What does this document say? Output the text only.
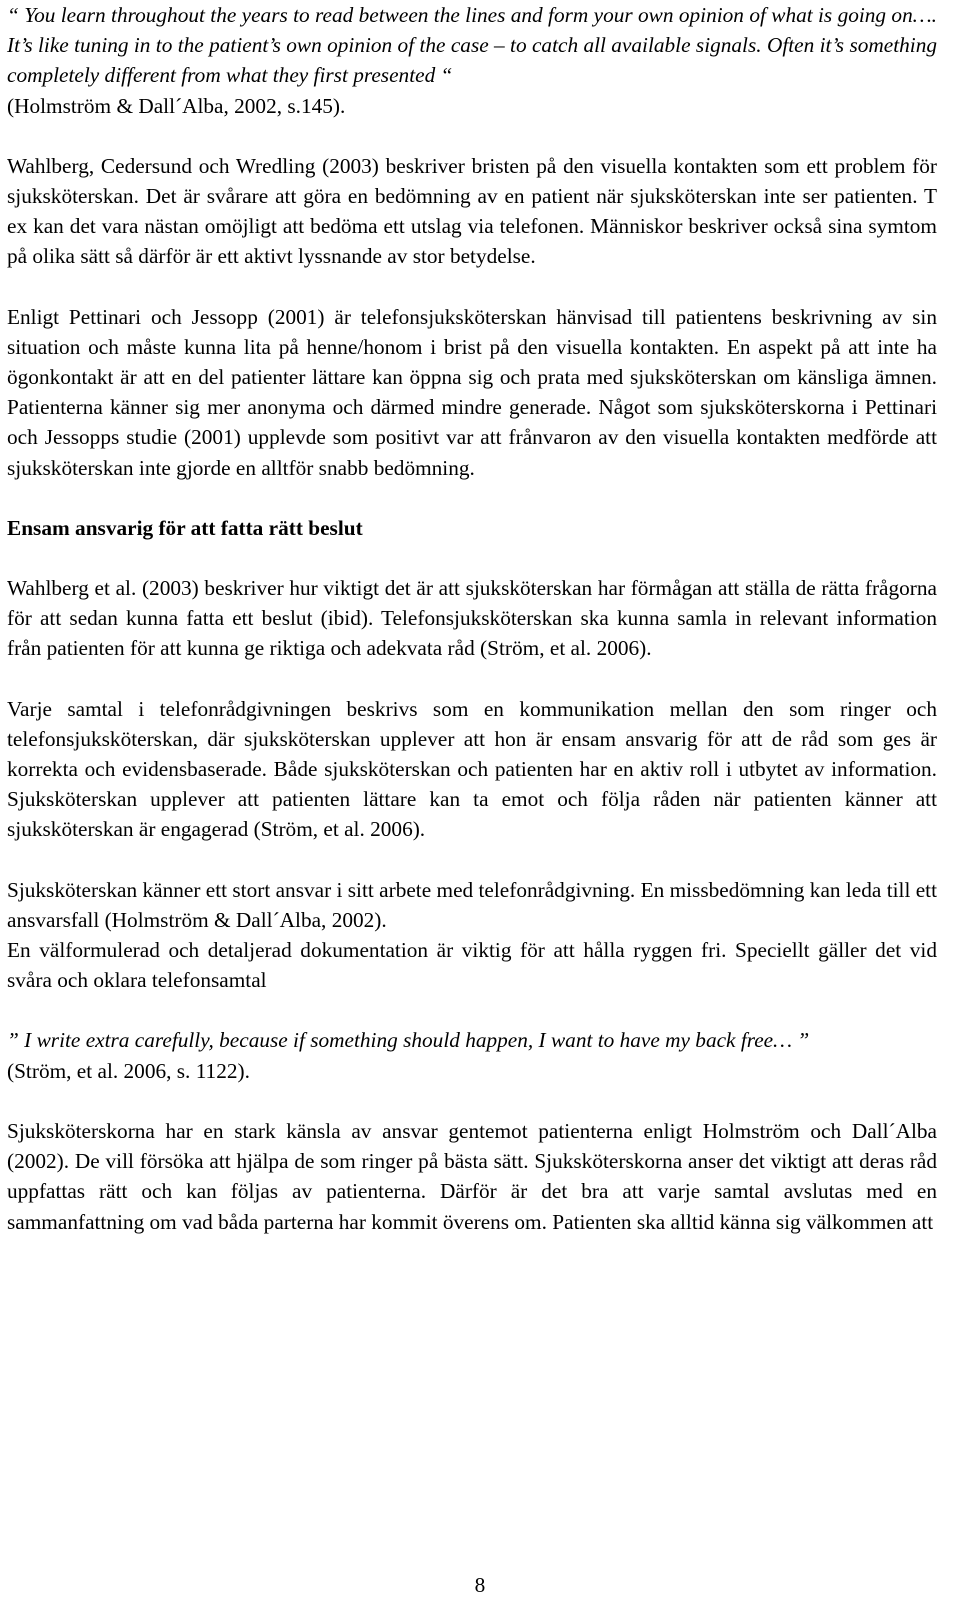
“ You learn throughout the years to read between the lines and form your own opinion of what is going on…. It’s like tuning in to the patient’s own opinion of the case – to catch all available signals. Often it’s something completely different from what they first presented “

(Holmström & Dall´Alba, 2002, s.145).

Wahlberg, Cedersund och Wredling (2003) beskriver bristen på den visuella kontakten som ett problem för sjuksköterskan. Det är svårare att göra en bedömning av en patient när sjuksköterskan inte ser patienten. T ex kan det vara nästan omöjligt att bedöma ett utslag via telefonen. Människor beskriver också sina symtom på olika sätt så därför är ett aktivt lyssnande av stor betydelse.

Enligt Pettinari och Jessopp (2001) är telefonsjuksköterskan hänvisad till patientens beskrivning av sin situation och måste kunna lita på henne/honom i brist på den visuella kontakten. En aspekt på att inte ha ögonkontakt är att en del patienter lättare kan öppna sig och prata med sjuksköterskan om känsliga ämnen. Patienterna känner sig mer anonyma och därmed mindre generade. Något som sjuksköterskorna i Pettinari och Jessopps studie (2001) upplevde som positivt var att frånvaron av den visuella kontakten medförde att sjuksköterskan inte gjorde en alltför snabb bedömning.

Ensam ansvarig för att fatta rätt beslut

Wahlberg et al. (2003) beskriver hur viktigt det är att sjuksköterskan har förmågan att ställa de rätta frågorna för att sedan kunna fatta ett beslut (ibid). Telefonsjuksköterskan ska kunna samla in relevant information från patienten för att kunna ge riktiga och adekvata råd (Ström, et al. 2006).

Varje samtal i telefonrådgivningen beskrivs som en kommunikation mellan den som ringer och telefonsjuksköterskan, där sjuksköterskan upplever att hon är ensam ansvarig för att de råd som ges är korrekta och evidensbaserade. Både sjuksköterskan och patienten har en aktiv roll i utbytet av information. Sjuksköterskan upplever att patienten lättare kan ta emot och följa råden när patienten känner att sjuksköterskan är engagerad (Ström, et al. 2006).

Sjuksköterskan känner ett stort ansvar i sitt arbete med telefonrådgivning. En missbedömning kan leda till ett ansvarsfall (Holmström & Dall´Alba, 2002).

En välformulerad och detaljerad dokumentation är viktig för att hålla ryggen fri. Speciellt gäller det vid svåra och oklara telefonsamtal

” I write extra carefully, because if something should happen, I want to have my back free… ”

(Ström, et al. 2006, s. 1122).

Sjuksköterskorna har en stark känsla av ansvar gentemot patienterna enligt Holmström och Dall´Alba (2002). De vill försöka att hjälpa de som ringer på bästa sätt. Sjuksköterskorna anser det viktigt att deras råd uppfattas rätt och kan följas av patienterna. Därför är det bra att varje samtal avslutas med en sammanfattning om vad båda parterna har kommit överens om. Patienten ska alltid känna sig välkommen att

8
